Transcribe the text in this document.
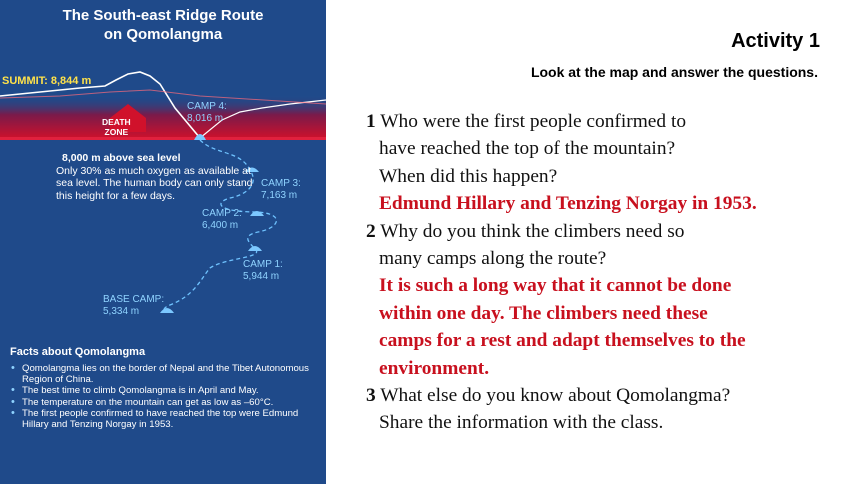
The South-east Ridge Route
on Qomolangma
SUMMIT: 8,844 m
DEATH
ZONE
CAMP 4:
8,016 m
8,000 m above sea level
Only 30% as much oxygen as available at sea level. The human body can only stand this height for a few days.
CAMP 3:
7,163 m
CAMP 2:
6,400 m
CAMP 1:
5,944 m
BASE CAMP:
5,334 m
Facts about Qomolangma
• Qomolangma lies on the border of Nepal and the Tibet Autonomous Region of China.
• The best time to climb Qomolangma is in April and May.
• The temperature on the mountain can get as low as –60°C.
• The first people confirmed to have reached the top were Edmund Hillary and Tenzing Norgay in 1953.
Activity 1
Look at the map and answer the questions.
1 Who were the first people confirmed to
have reached the top of the mountain?
When did this happen?
Edmund Hillary and Tenzing Norgay in 1953.
2 Why do you think the climbers need so
many camps along the route?
It is such a long way that it cannot be done
within one day. The climbers need these
camps for a rest and adapt themselves to the
environment.
3 What else do you know about Qomolangma?
Share the information with the class.
